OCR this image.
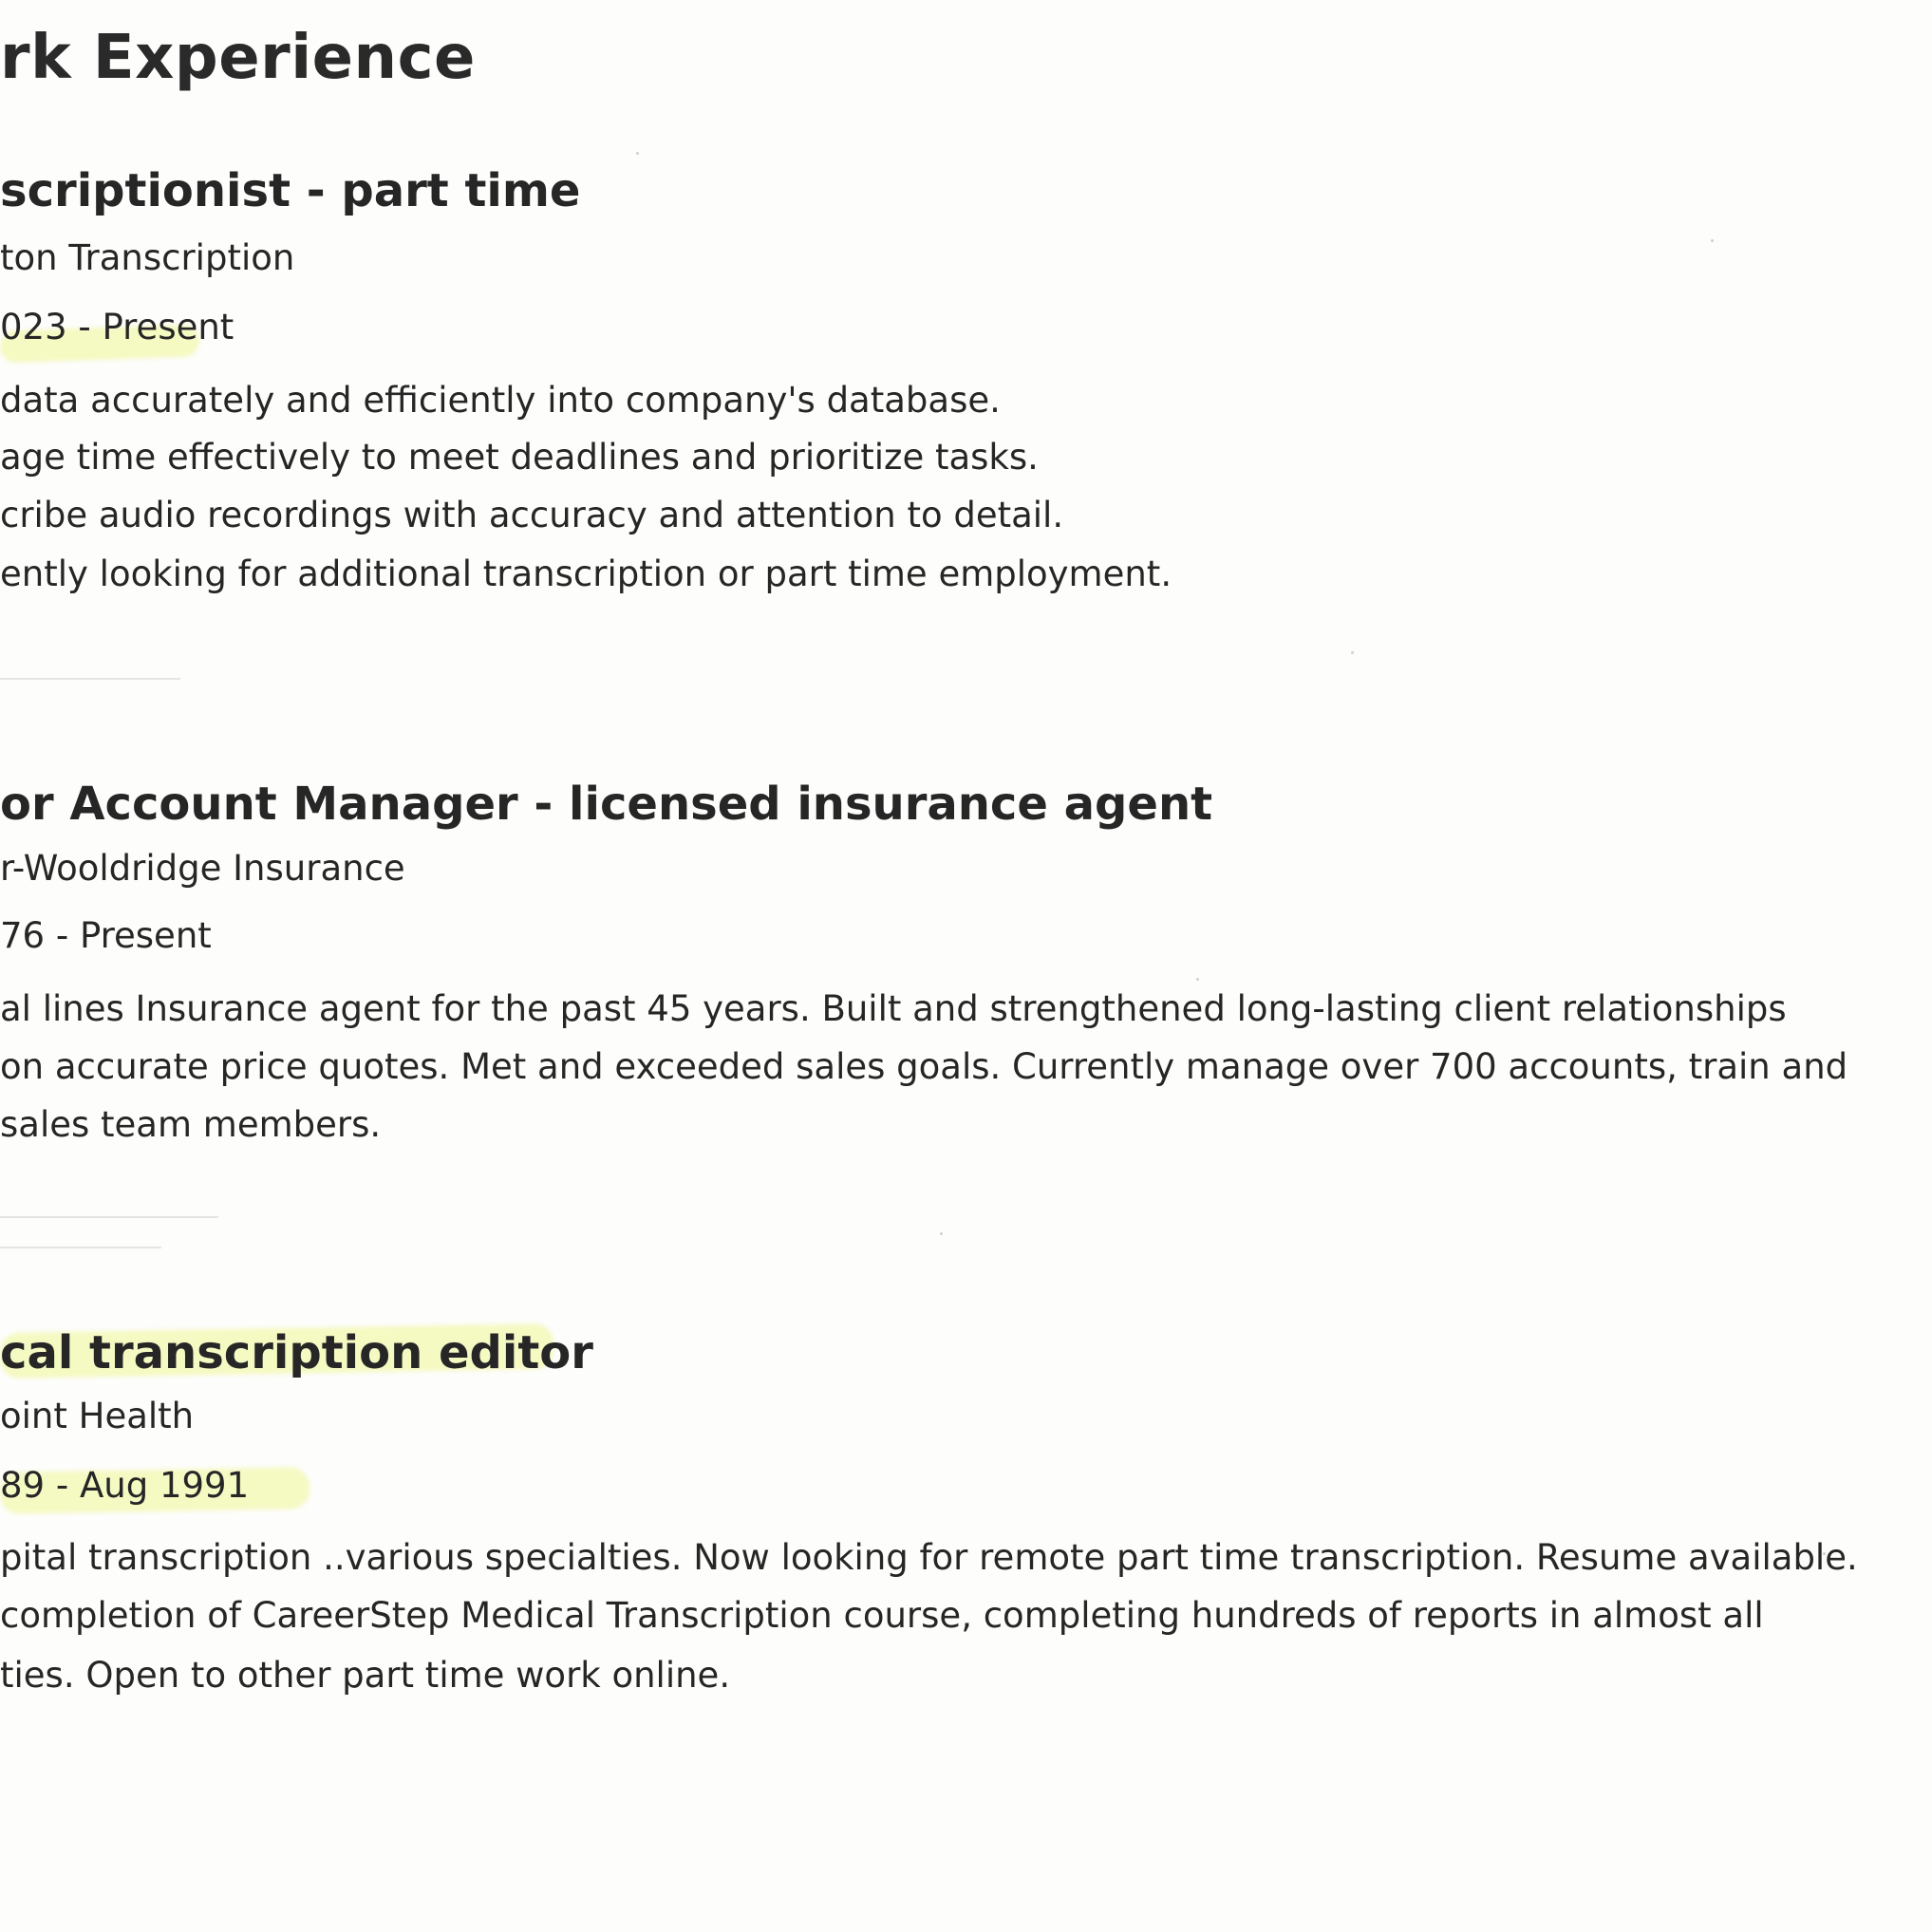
rk Experience
scriptionist - part time

ton Transcription

023 - Present

data accurately and efficiently into company's database.

age time effectively to meet deadlines and prioritize tasks.

cribe audio recordings with accuracy and attention to detail.

ently looking for additional transcription or part time employment.

or Account Manager - licensed insurance agent

r-Wooldridge Insurance

76 - Present

al lines Insurance agent for the past 45 years. Built and strengthened long-lasting client relationships

on accurate price quotes. Met and exceeded sales goals. Currently manage over 700 accounts, train and

sales team members.

cal transcription editor

oint Health

89 - Aug 1991

pital transcription ..various specialties. Now looking for remote part time transcription. Resume available.

completion of CareerStep Medical Transcription course, completing hundreds of reports in almost all

ties. Open to other part time work online.
